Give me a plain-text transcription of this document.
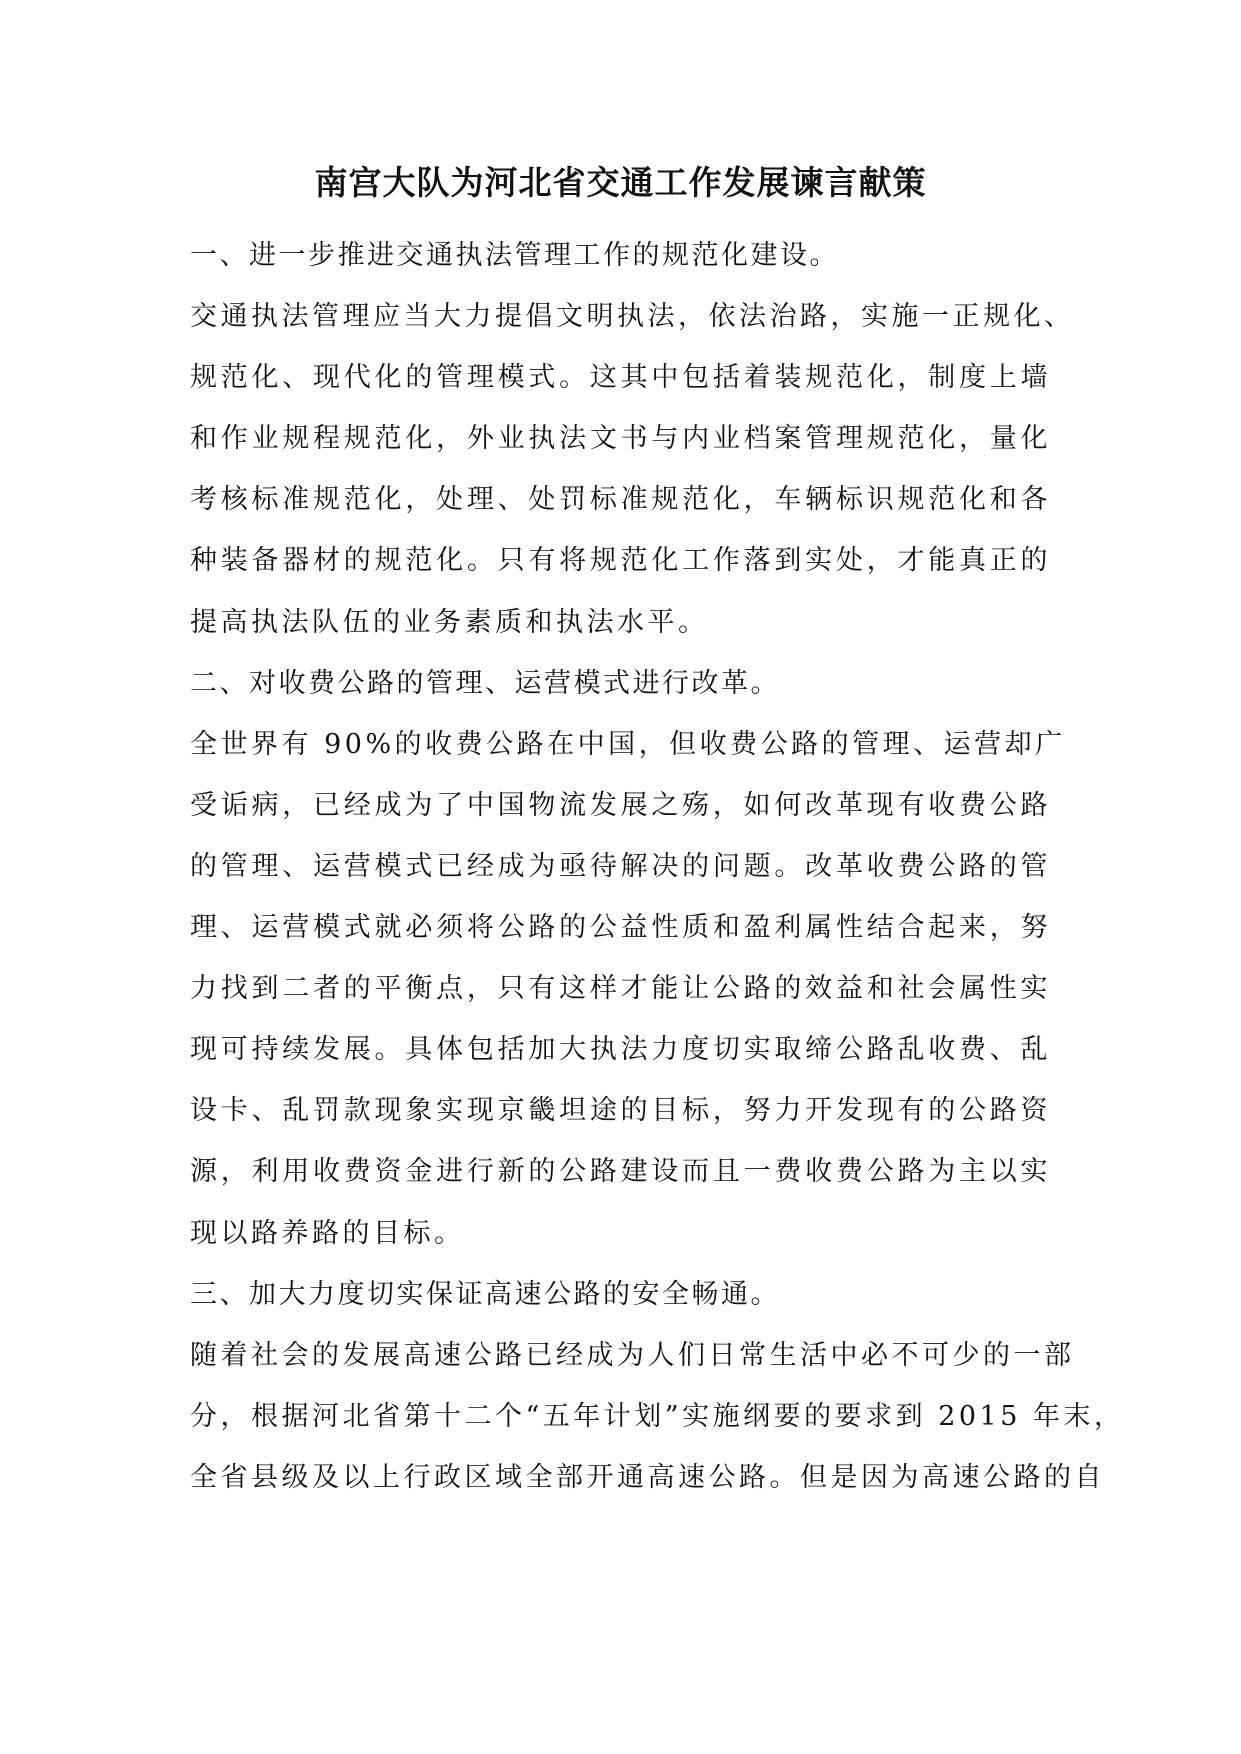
南宫大队为河北省交通工作发展谏言献策
一、进一步推进交通执法管理工作的规范化建设。
交通执法管理应当大力提倡文明执法，依法治路，实施一正规化、
规范化、现代化的管理模式。这其中包括着装规范化，制度上墙
和作业规程规范化，外业执法文书与内业档案管理规范化，量化
考核标准规范化，处理、处罚标准规范化，车辆标识规范化和各
种装备器材的规范化。只有将规范化工作落到实处，才能真正的
提高执法队伍的业务素质和执法水平。
二、对收费公路的管理、运营模式进行改革。
全世界有 90%的收费公路在中国，但收费公路的管理、运营却广
受诟病，已经成为了中国物流发展之殇，如何改革现有收费公路
的管理、运营模式已经成为亟待解决的问题。改革收费公路的管
理、运营模式就必须将公路的公益性质和盈利属性结合起来，努
力找到二者的平衡点，只有这样才能让公路的效益和社会属性实
现可持续发展。具体包括加大执法力度切实取缔公路乱收费、乱
设卡、乱罚款现象实现京畿坦途的目标，努力开发现有的公路资
源，利用收费资金进行新的公路建设而且一费收费公路为主以实
现以路养路的目标。
三、加大力度切实保证高速公路的安全畅通。
随着社会的发展高速公路已经成为人们日常生活中必不可少的一部
分，根据河北省第十二个“五年计划”实施纲要的要求到 2015 年末，
全省县级及以上行政区域全部开通高速公路。但是因为高速公路的自
